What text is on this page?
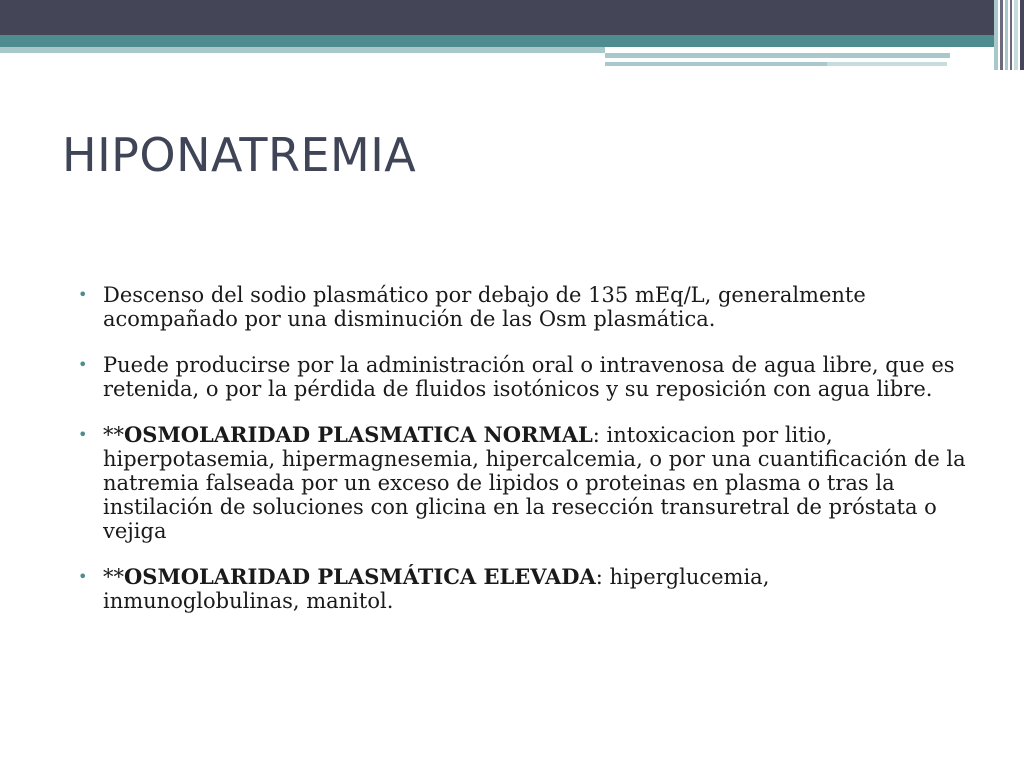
HIPONATREMIA
• Descenso del sodio plasmático por debajo de 135 mEq/L, generalmente acompañado por una disminución de las Osm plasmática.
• Puede producirse por la administración oral o intravenosa de agua libre, que es retenida, o por la pérdida de fluidos isotónicos y su reposición con agua libre.
• **OSMOLARIDAD PLASMATICA NORMAL: intoxicacion por litio, hiperpotasemia, hipermagnesemia, hipercalcemia, o por una cuantificación de la natremia falseada por un exceso de lipidos o proteinas en plasma o tras la instilación de soluciones con glicina en la resección transuretral de próstata o vejiga
• **OSMOLARIDAD PLASMÁTICA ELEVADA: hiperglucemia, inmunoglobulinas, manitol.
